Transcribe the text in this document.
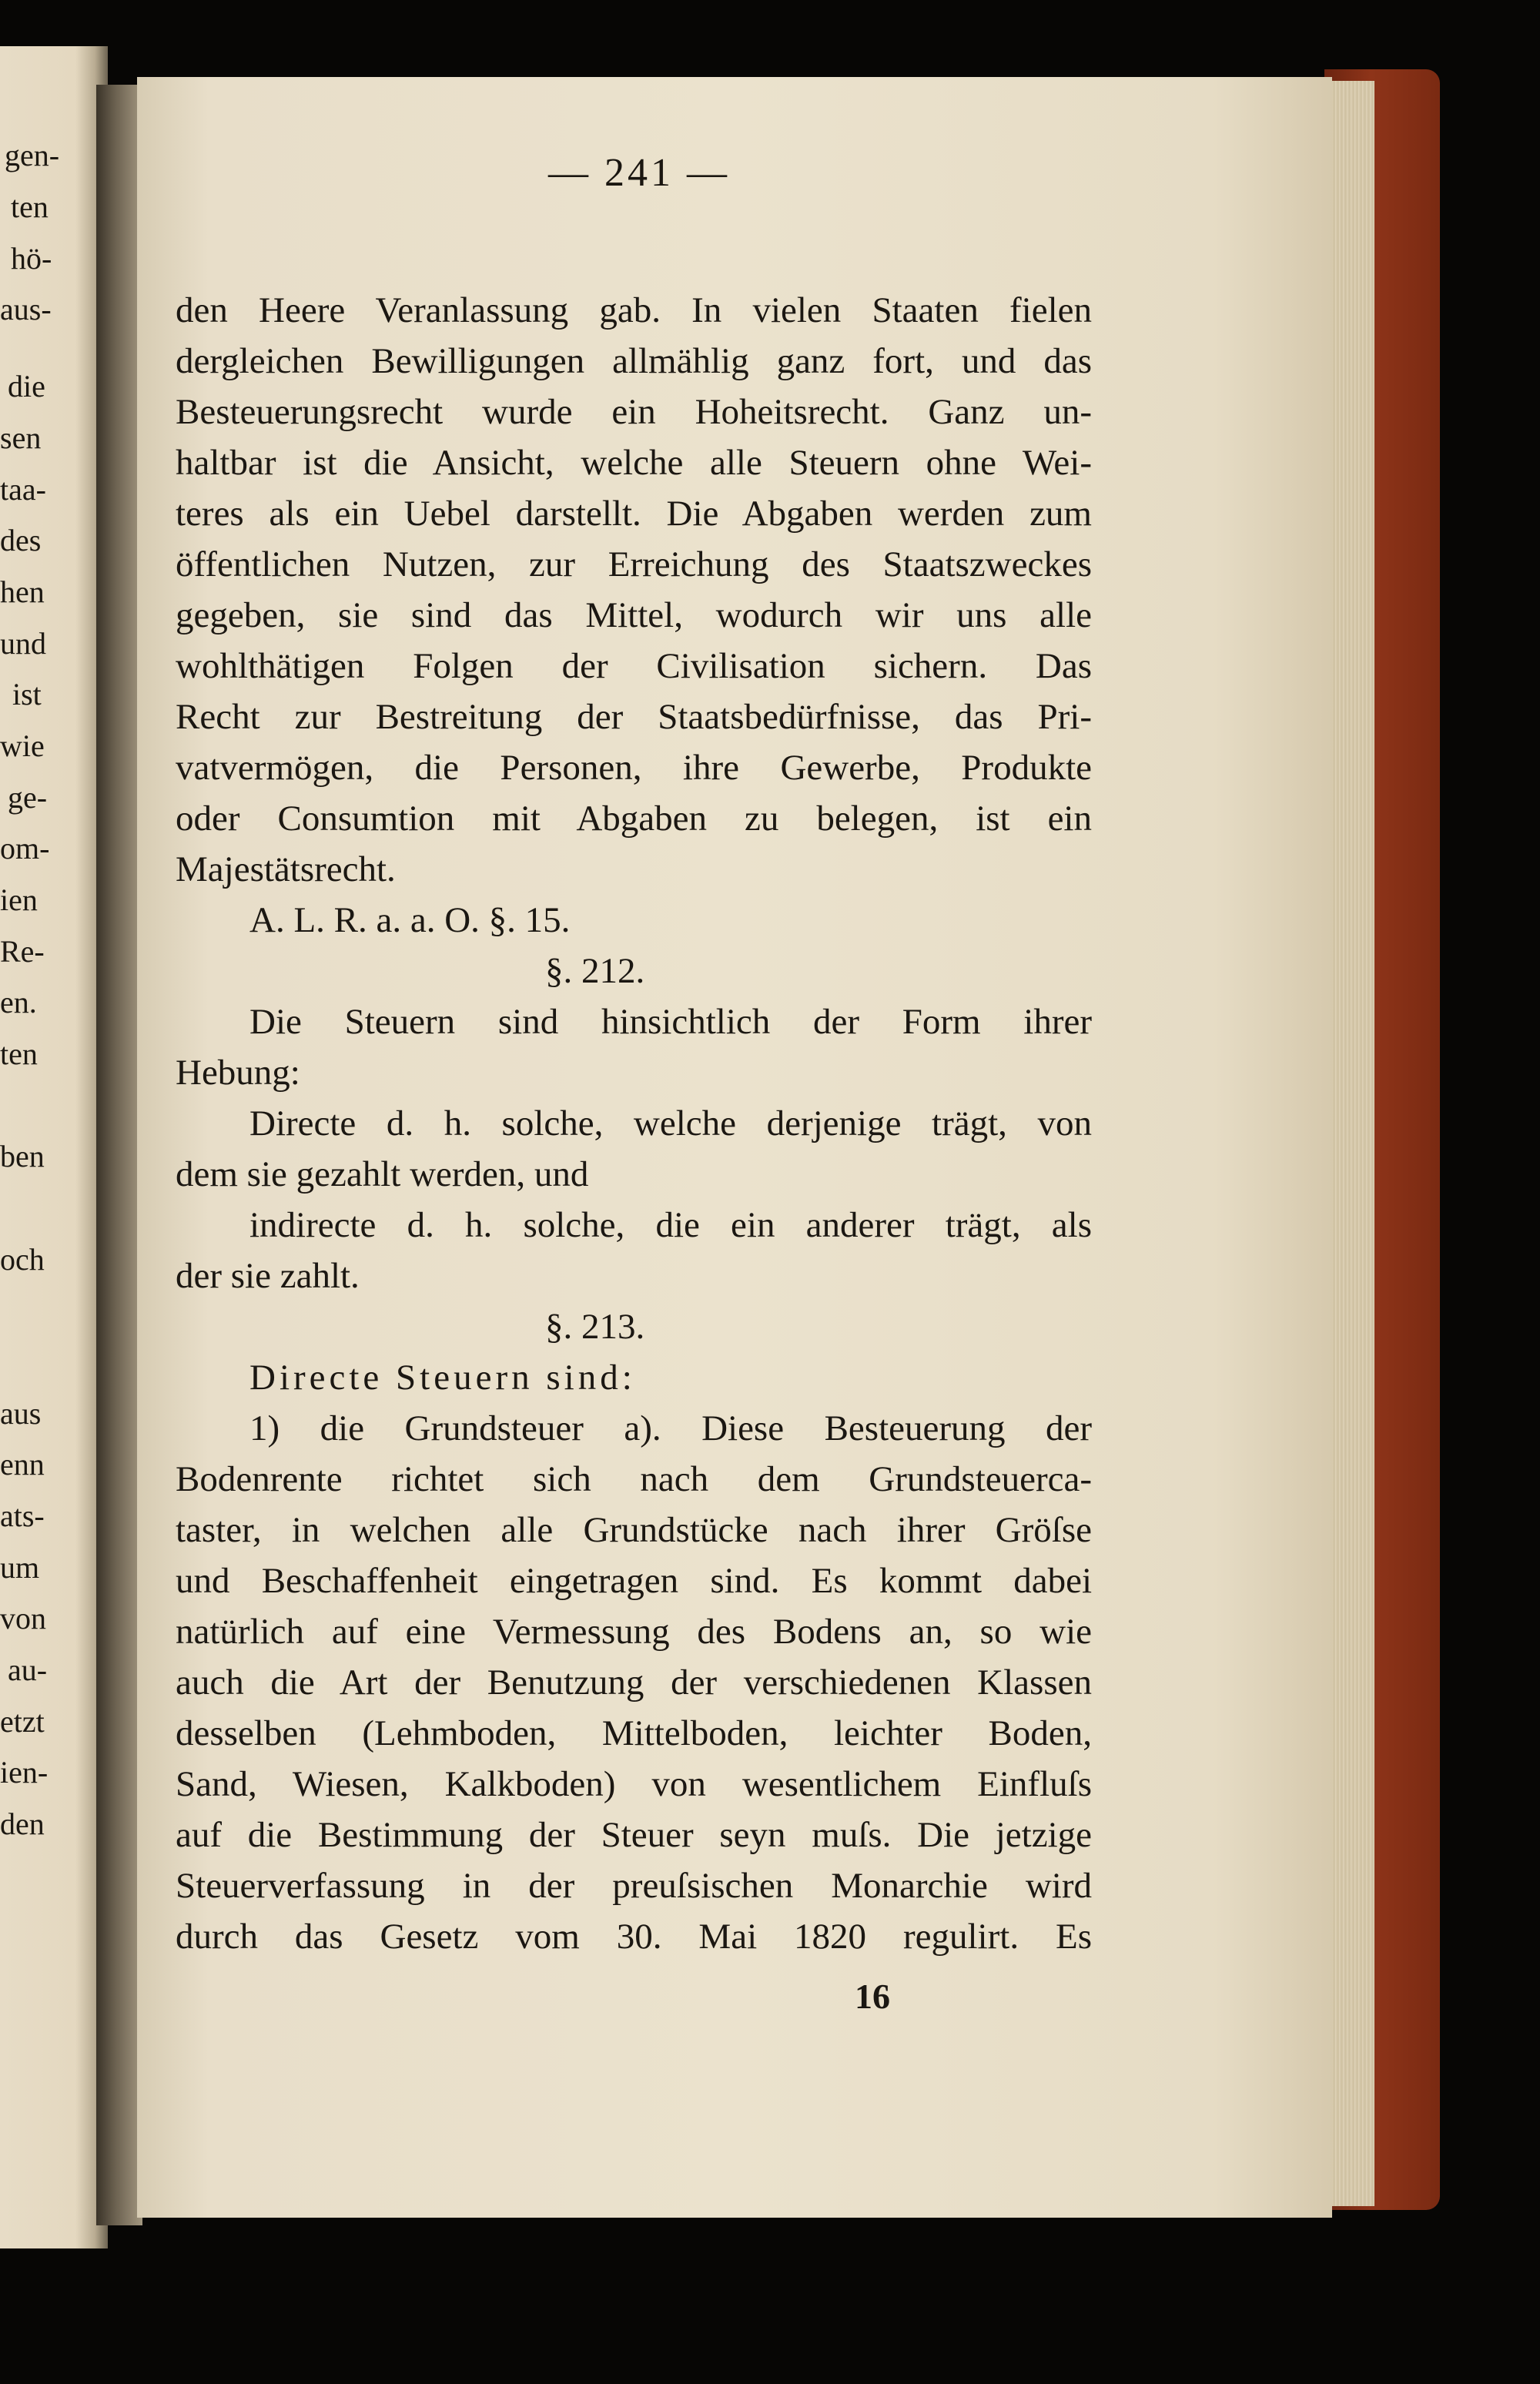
gen-
ten
hö-
aus-
die
sen
taa-
des
hen
und
ist
wie
ge-
om-
ien
Re-
en.
ten
ben
och
aus
enn
ats-
um
von
au-
etzt
ien-
den
— 241 —
den Heere Veranlassung gab. In vielen Staaten fielen
dergleichen Bewilligungen allmählig ganz fort, und das
Besteuerungsrecht wurde ein Hoheitsrecht. Ganz un-
haltbar ist die Ansicht, welche alle Steuern ohne Wei-
teres als ein Uebel darstellt. Die Abgaben werden zum
öffentlichen Nutzen, zur Erreichung des Staatszweckes
gegeben, sie sind das Mittel, wodurch wir uns alle
wohlthätigen Folgen der Civilisation sichern. Das
Recht zur Bestreitung der Staatsbedürfnisse, das Pri-
vatvermögen, die Personen, ihre Gewerbe, Produkte
oder Consumtion mit Abgaben zu belegen, ist ein
Majestätsrecht.
A. L. R. a. a. O. §. 15.
§. 212.
Die Steuern sind hinsichtlich der Form ihrer
Hebung:
Directe d. h. solche, welche derjenige trägt, von
dem sie gezahlt werden, und
indirecte d. h. solche, die ein anderer trägt, als
der sie zahlt.
§. 213.
Directe Steuern sind:
1) die Grundsteuer a). Diese Besteuerung der
Bodenrente richtet sich nach dem Grundsteuerca-
taster, in welchen alle Grundstücke nach ihrer Gröſse
und Beschaffenheit eingetragen sind. Es kommt dabei
natürlich auf eine Vermessung des Bodens an, so wie
auch die Art der Benutzung der verschiedenen Klassen
desselben (Lehmboden, Mittelboden, leichter Boden,
Sand, Wiesen, Kalkboden) von wesentlichem Einfluſs
auf die Bestimmung der Steuer seyn muſs. Die jetzige
Steuerverfassung in der preuſsischen Monarchie wird
durch das Gesetz vom 30. Mai 1820 regulirt. Es
16
